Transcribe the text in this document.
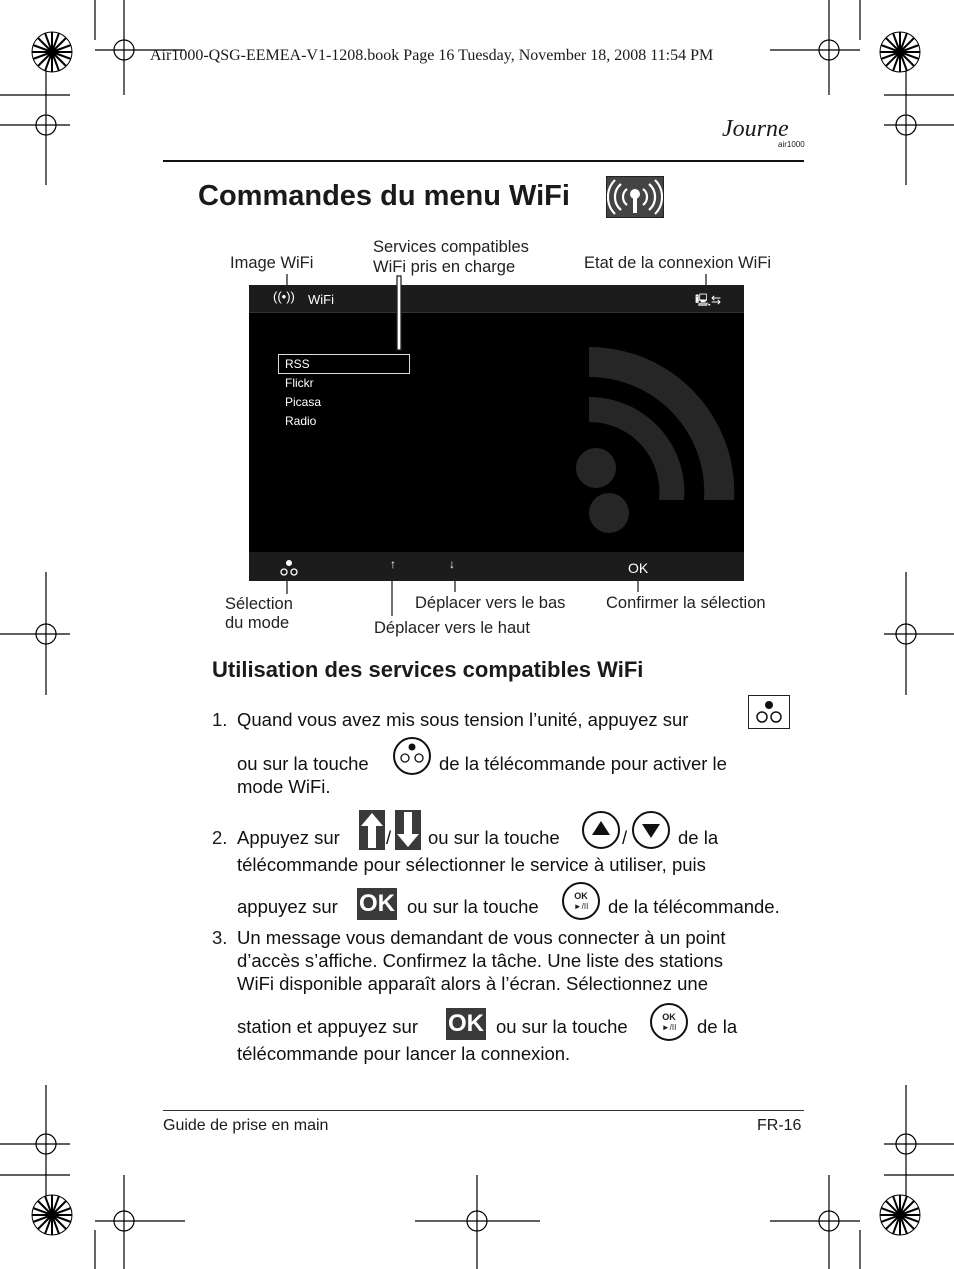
Air1000-QSG-EEMEA-V1-1208.book Page 16 Tuesday, November 18, 2008 11:54 PM
Journe
air1000
Commandes du menu WiFi
Image WiFi
Services compatibles
WiFi pris en charge	Etat de la connexion WiFi
Sélection
du mode
Déplacer vers le bas
Déplacer vers le haut
Confirmer la sélection
((•)) WiFi	🖳⇆
RSS
Flickr
Picasa
Radio
↑	↓	OK
Utilisation des services compatibles WiFi
1. Quand vous avez mis sous tension l’unité, appuyez sur
ou sur la touche	de la télécommande pour activer le
mode WiFi.
2. Appuyez sur / ou sur la touche	/	de la
télécommande pour sélectionner le service à utiliser, puis
appuyez sur OK ou sur la touche	OK
►/II	de la télécommande.
3. Un message vous demandant de vous connecter à un point
d’accès s’affiche. Confirmez la tâche. Une liste des stations
WiFi disponible apparaît alors à l’écran. Sélectionnez une
station et appuyez sur OK ou sur la touche	OK
►/II	de la
télécommande pour lancer la connexion.
Guide de prise en main	FR-16
